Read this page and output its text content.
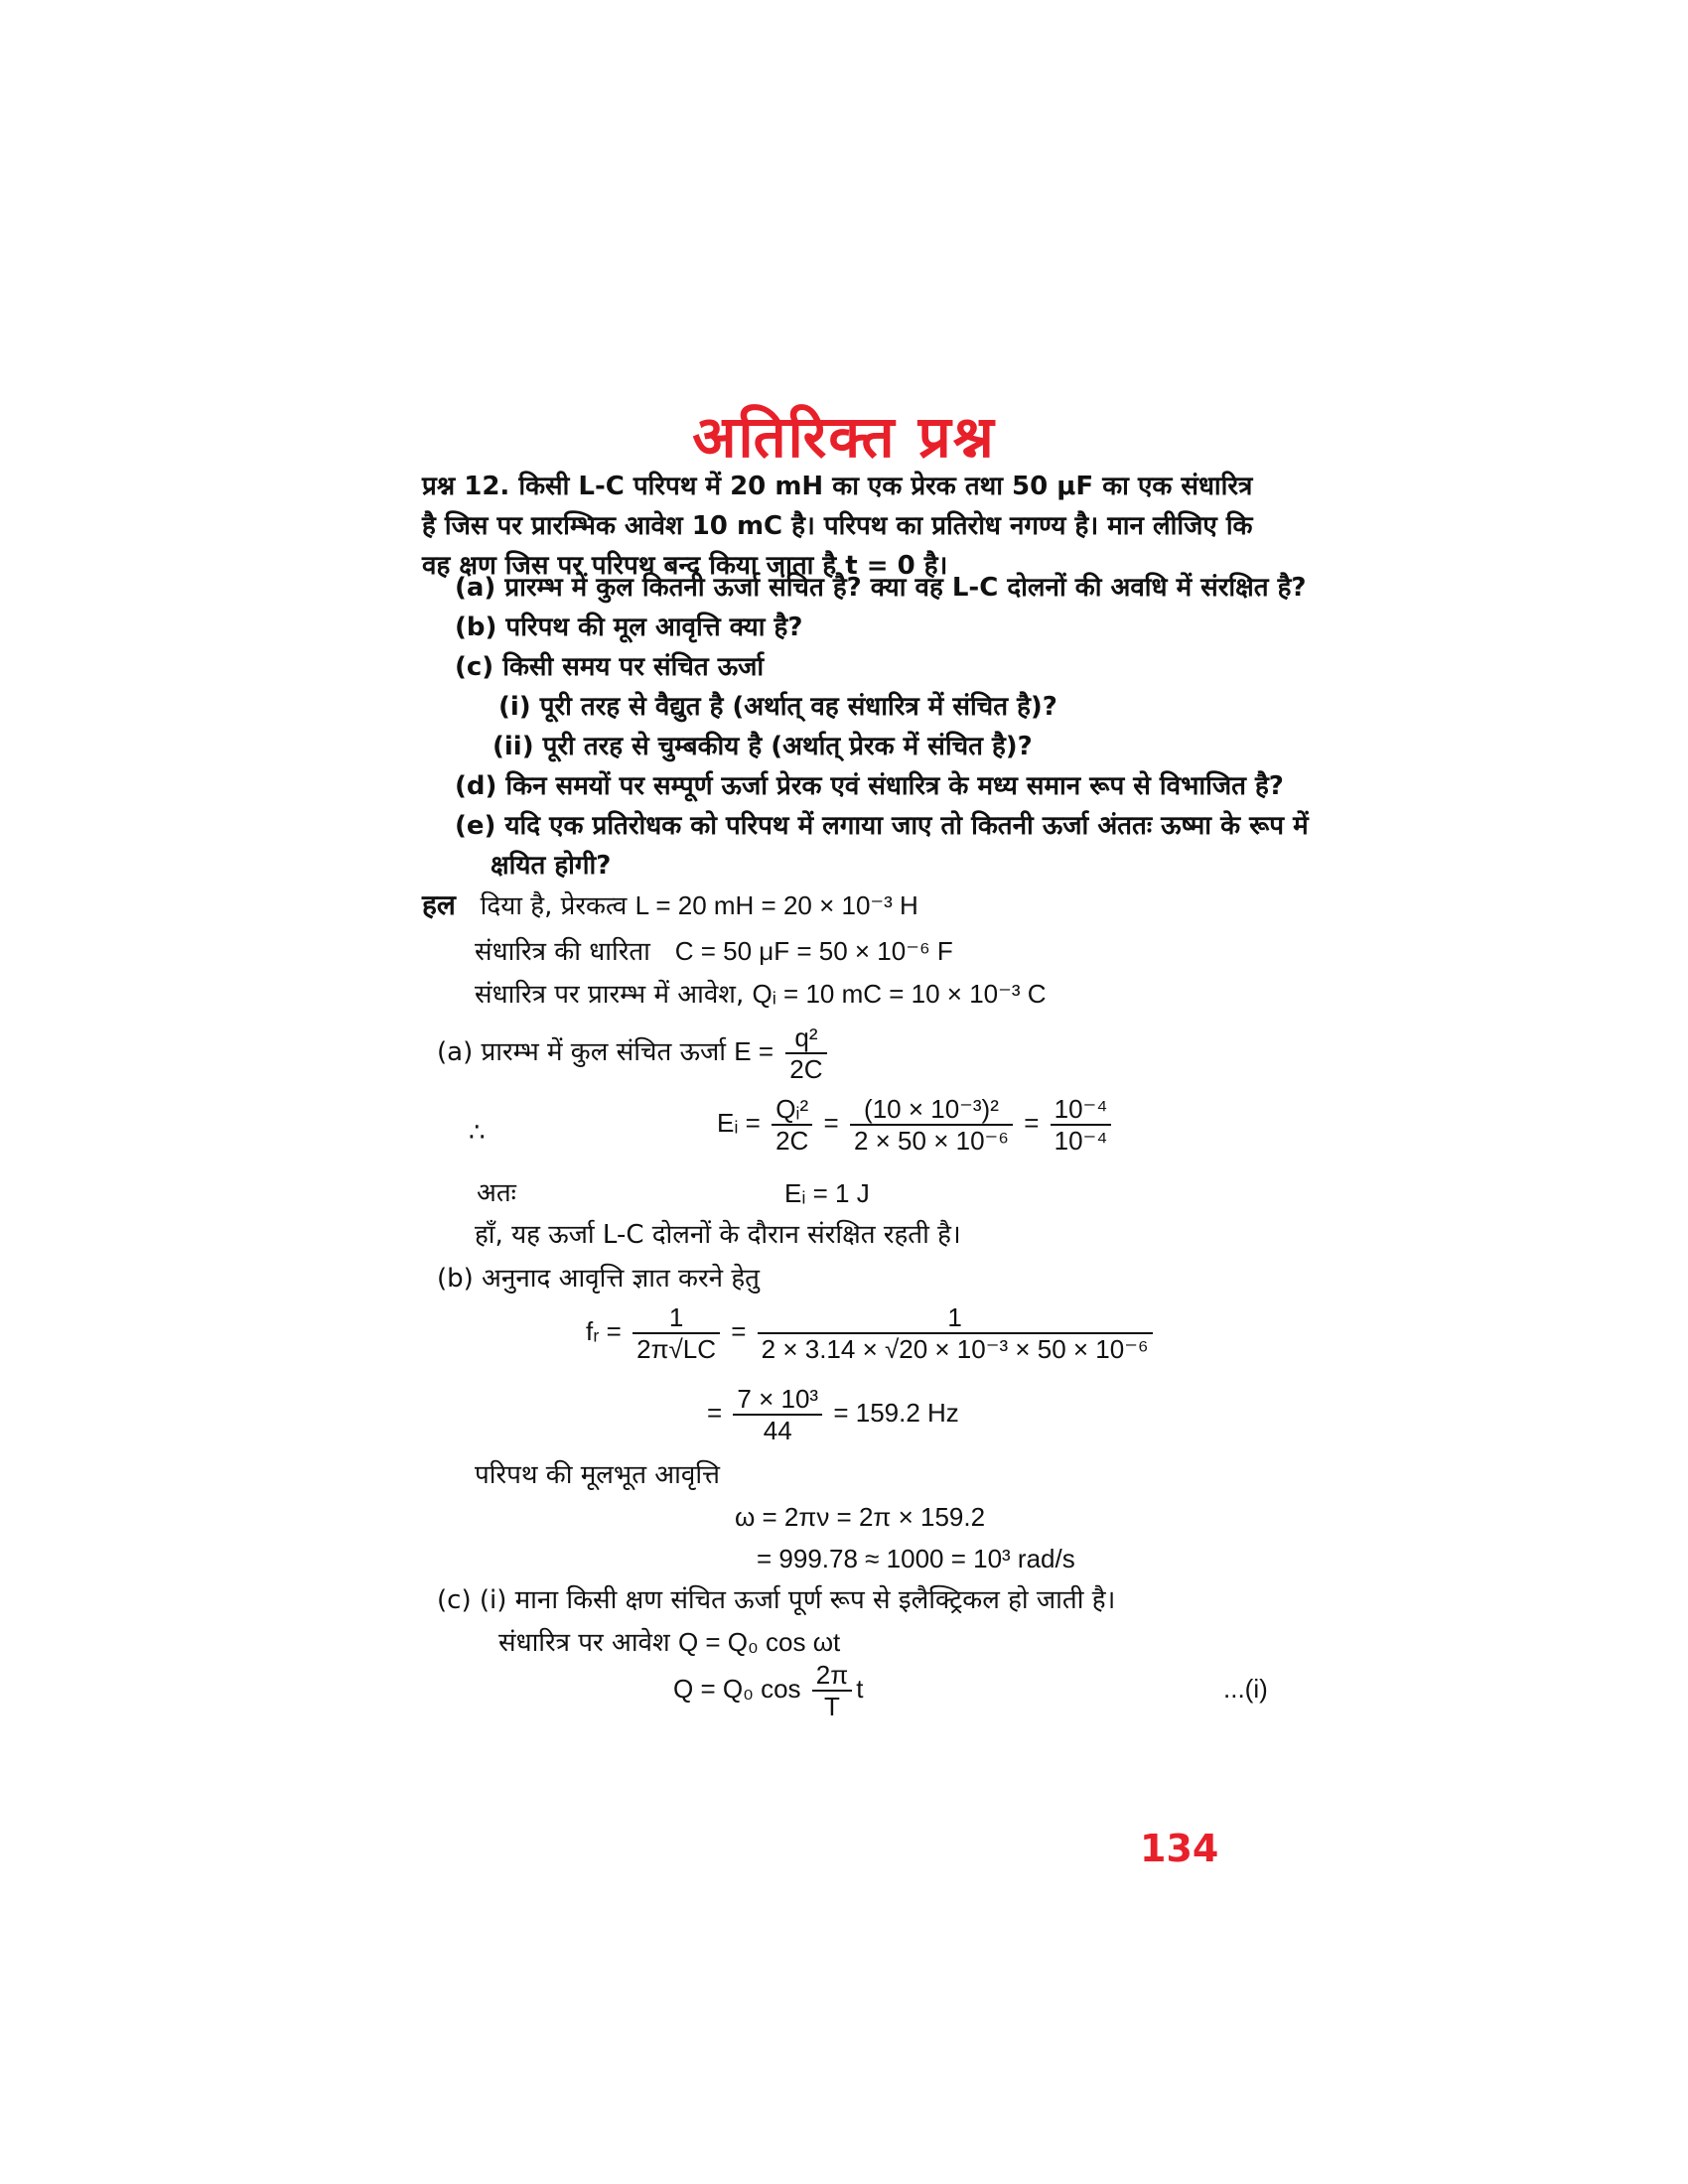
अतिरिक्त प्रश्न
प्रश्न 12. किसी L-C परिपथ में 20 mH का एक प्रेरक तथा 50 μF का एक संधारित्र है जिस पर प्रारम्भिक आवेश 10 mC है। परिपथ का प्रतिरोध नगण्य है। मान लीजिए कि वह क्षण जिस पर परिपथ बन्द किया जाता है t = 0 है।
(a) प्रारम्भ में कुल कितनी ऊर्जा संचित है? क्या वह L-C दोलनों की अवधि में संरक्षित है?
(b) परिपथ की मूल आवृत्ति क्या है?
(c) किसी समय पर संचित ऊर्जा
(i) पूरी तरह से वैद्युत है (अर्थात् वह संधारित्र में संचित है)?
(ii) पूरी तरह से चुम्बकीय है (अर्थात् प्रेरक में संचित है)?
(d) किन समयों पर सम्पूर्ण ऊर्जा प्रेरक एवं संधारित्र के मध्य समान रूप से विभाजित है?
(e) यदि एक प्रतिरोधक को परिपथ में लगाया जाए तो कितनी ऊर्जा अंततः ऊष्मा के रूप में
क्षयित होगी?
हल दिया है, प्रेरकत्व L = 20 mH = 20 × 10⁻³ H
संधारित्र की धारिता C = 50 μF = 50 × 10⁻⁶ F
संधारित्र पर प्रारम्भ में आवेश, Qᵢ = 10 mC = 10 × 10⁻³ C
(a) प्रारम्भ में कुल संचित ऊर्जा $E = \frac{\text{q²}}{2C}$
∴	Eᵢ = $\frac{\text{Qᵢ²}}{2C} = \frac{\text{(10 × 10⁻³)²}}{\text{2 × 50 × 10⁻⁶}} = \frac{\text{10⁻⁴}}{\text{10⁻⁴}}$
अतः	Eᵢ = 1 J
हाँ, यह ऊर्जा L-C दोलनों के दौरान संरक्षित रहती है।
(b) अनुनाद आवृत्ति ज्ञात करने हेतु
fᵣ = $\frac{1}{2\pi√LC} = \frac{1}{\text{2 × 3.14 × √20 × 10⁻³ × 50 × 10⁻⁶}}$
= $\frac{\text{7 × 10³}}{44} = 159.2$ Hz
परिपथ की मूलभूत आवृत्ति
ω = 2πν = 2π × 159.2
= 999.78 ≈ 1000 = 10³ rad/s
(c) (i) माना किसी क्षण संचित ऊर्जा पूर्ण रूप से इलैक्ट्रिकल हो जाती है।
संधारित्र पर आवेश Q = Q₀ cos ωt
Q = Q₀ $\cos \frac{2\pi}{T}$ t	...(i)
134
